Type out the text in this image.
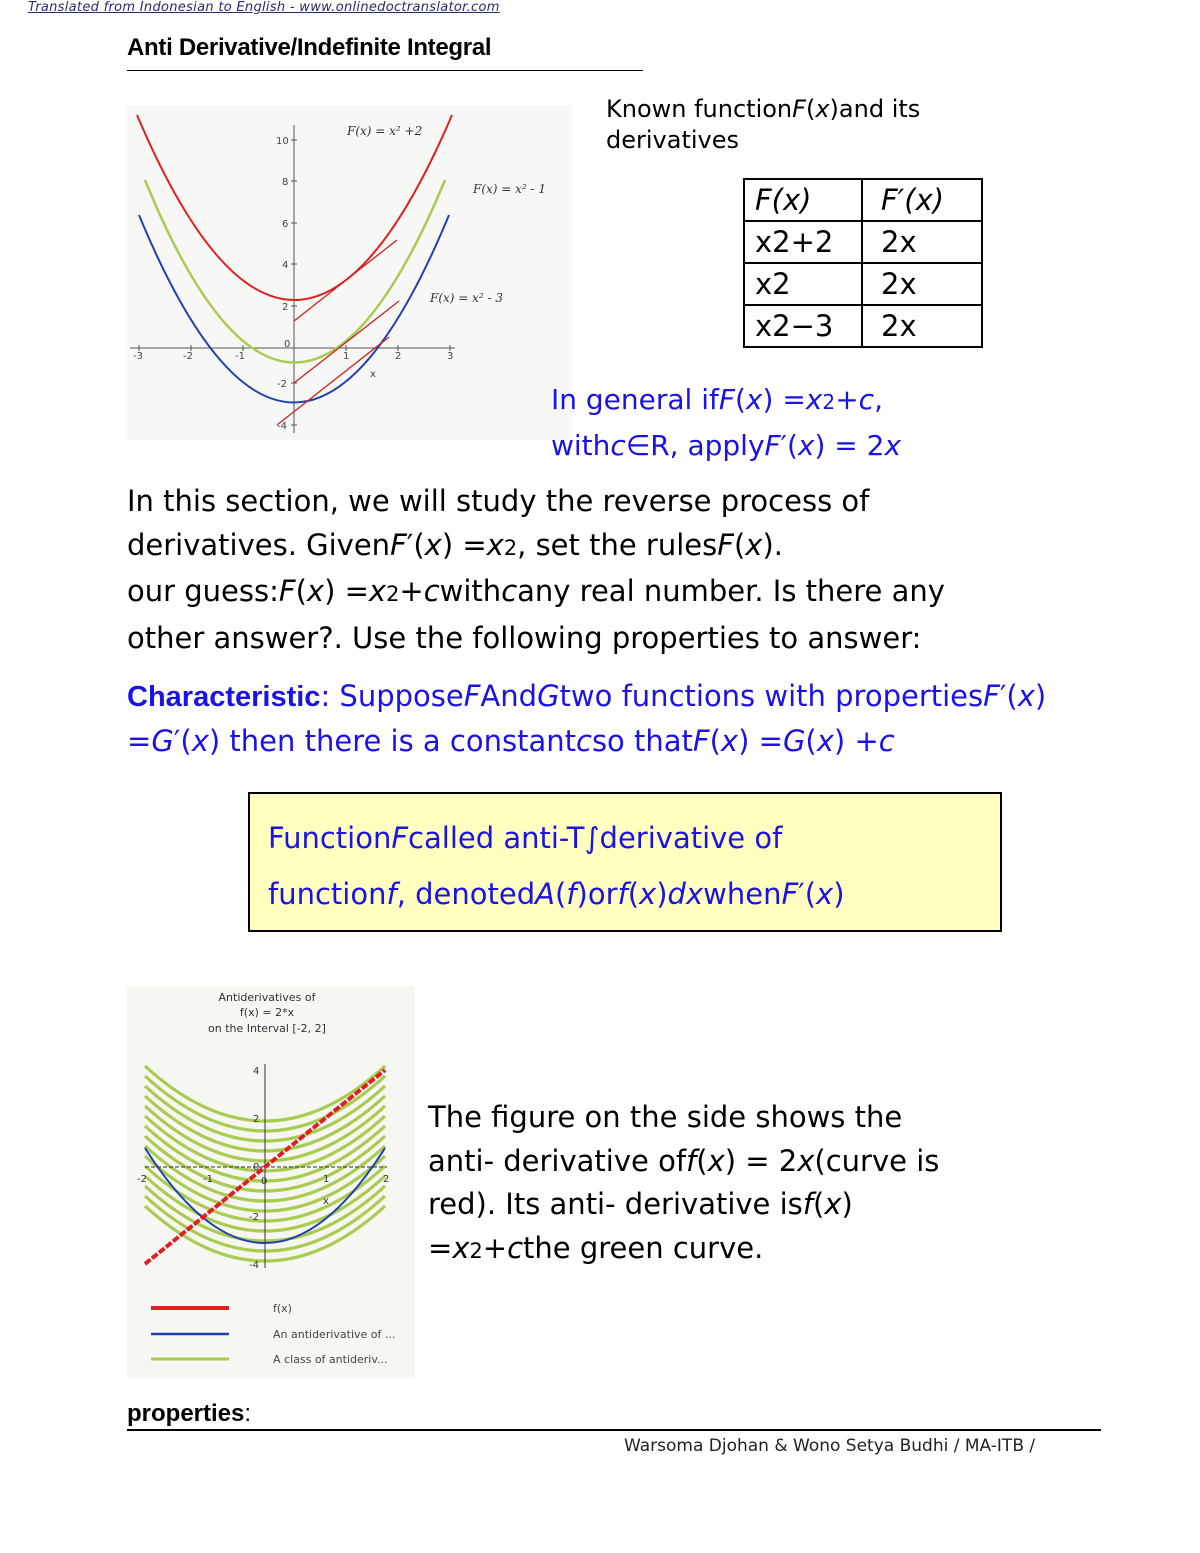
Translated from Indonesian to English - www.onlinedoctranslator.com
Anti Derivative/Indefinite Integral
-3	-2	-1
0
1	2	3
10
8
6
4
2
-2
-4
x
F(x) = x² +2
F(x) = x² - 1
F(x) = x² - 3
Known functionF(x)and its
derivatives
F(x)	F′(x)
x2+2	2x
x2	2x
x2−3	2x
In general ifF(x) =x2+c,
withc∈R, applyF′(x) = 2x
In this section, we will study the reverse process of
derivatives. GivenF′(x) =x2, set the rulesF(x).
our guess:F(x) =x2+cwithcany real number. Is there any
other answer?. Use the following properties to answer:
Characteristic: SupposeFAndGtwo functions with propertiesF′(x)
=G′(x) then there is a constantcso thatF(x) =G(x) +c
FunctionFcalled anti-T∫derivative of
functionf, denotedA(f)orf(x)dxwhenF′(x)
Antiderivatives of
f(x) = 2*x
on the Interval [-2, 2]
4
2
0
-2
-4
-2	-1	0	1	2
x
f(x)
An antiderivative of ...
A class of antideriv...
The figure on the side shows the
anti- derivative off(x) = 2x(curve is
red). Its anti- derivative isf(x)
=x2+cthe green curve.
properties:
Warsoma Djohan & Wono Setya Budhi / MA-ITB /
